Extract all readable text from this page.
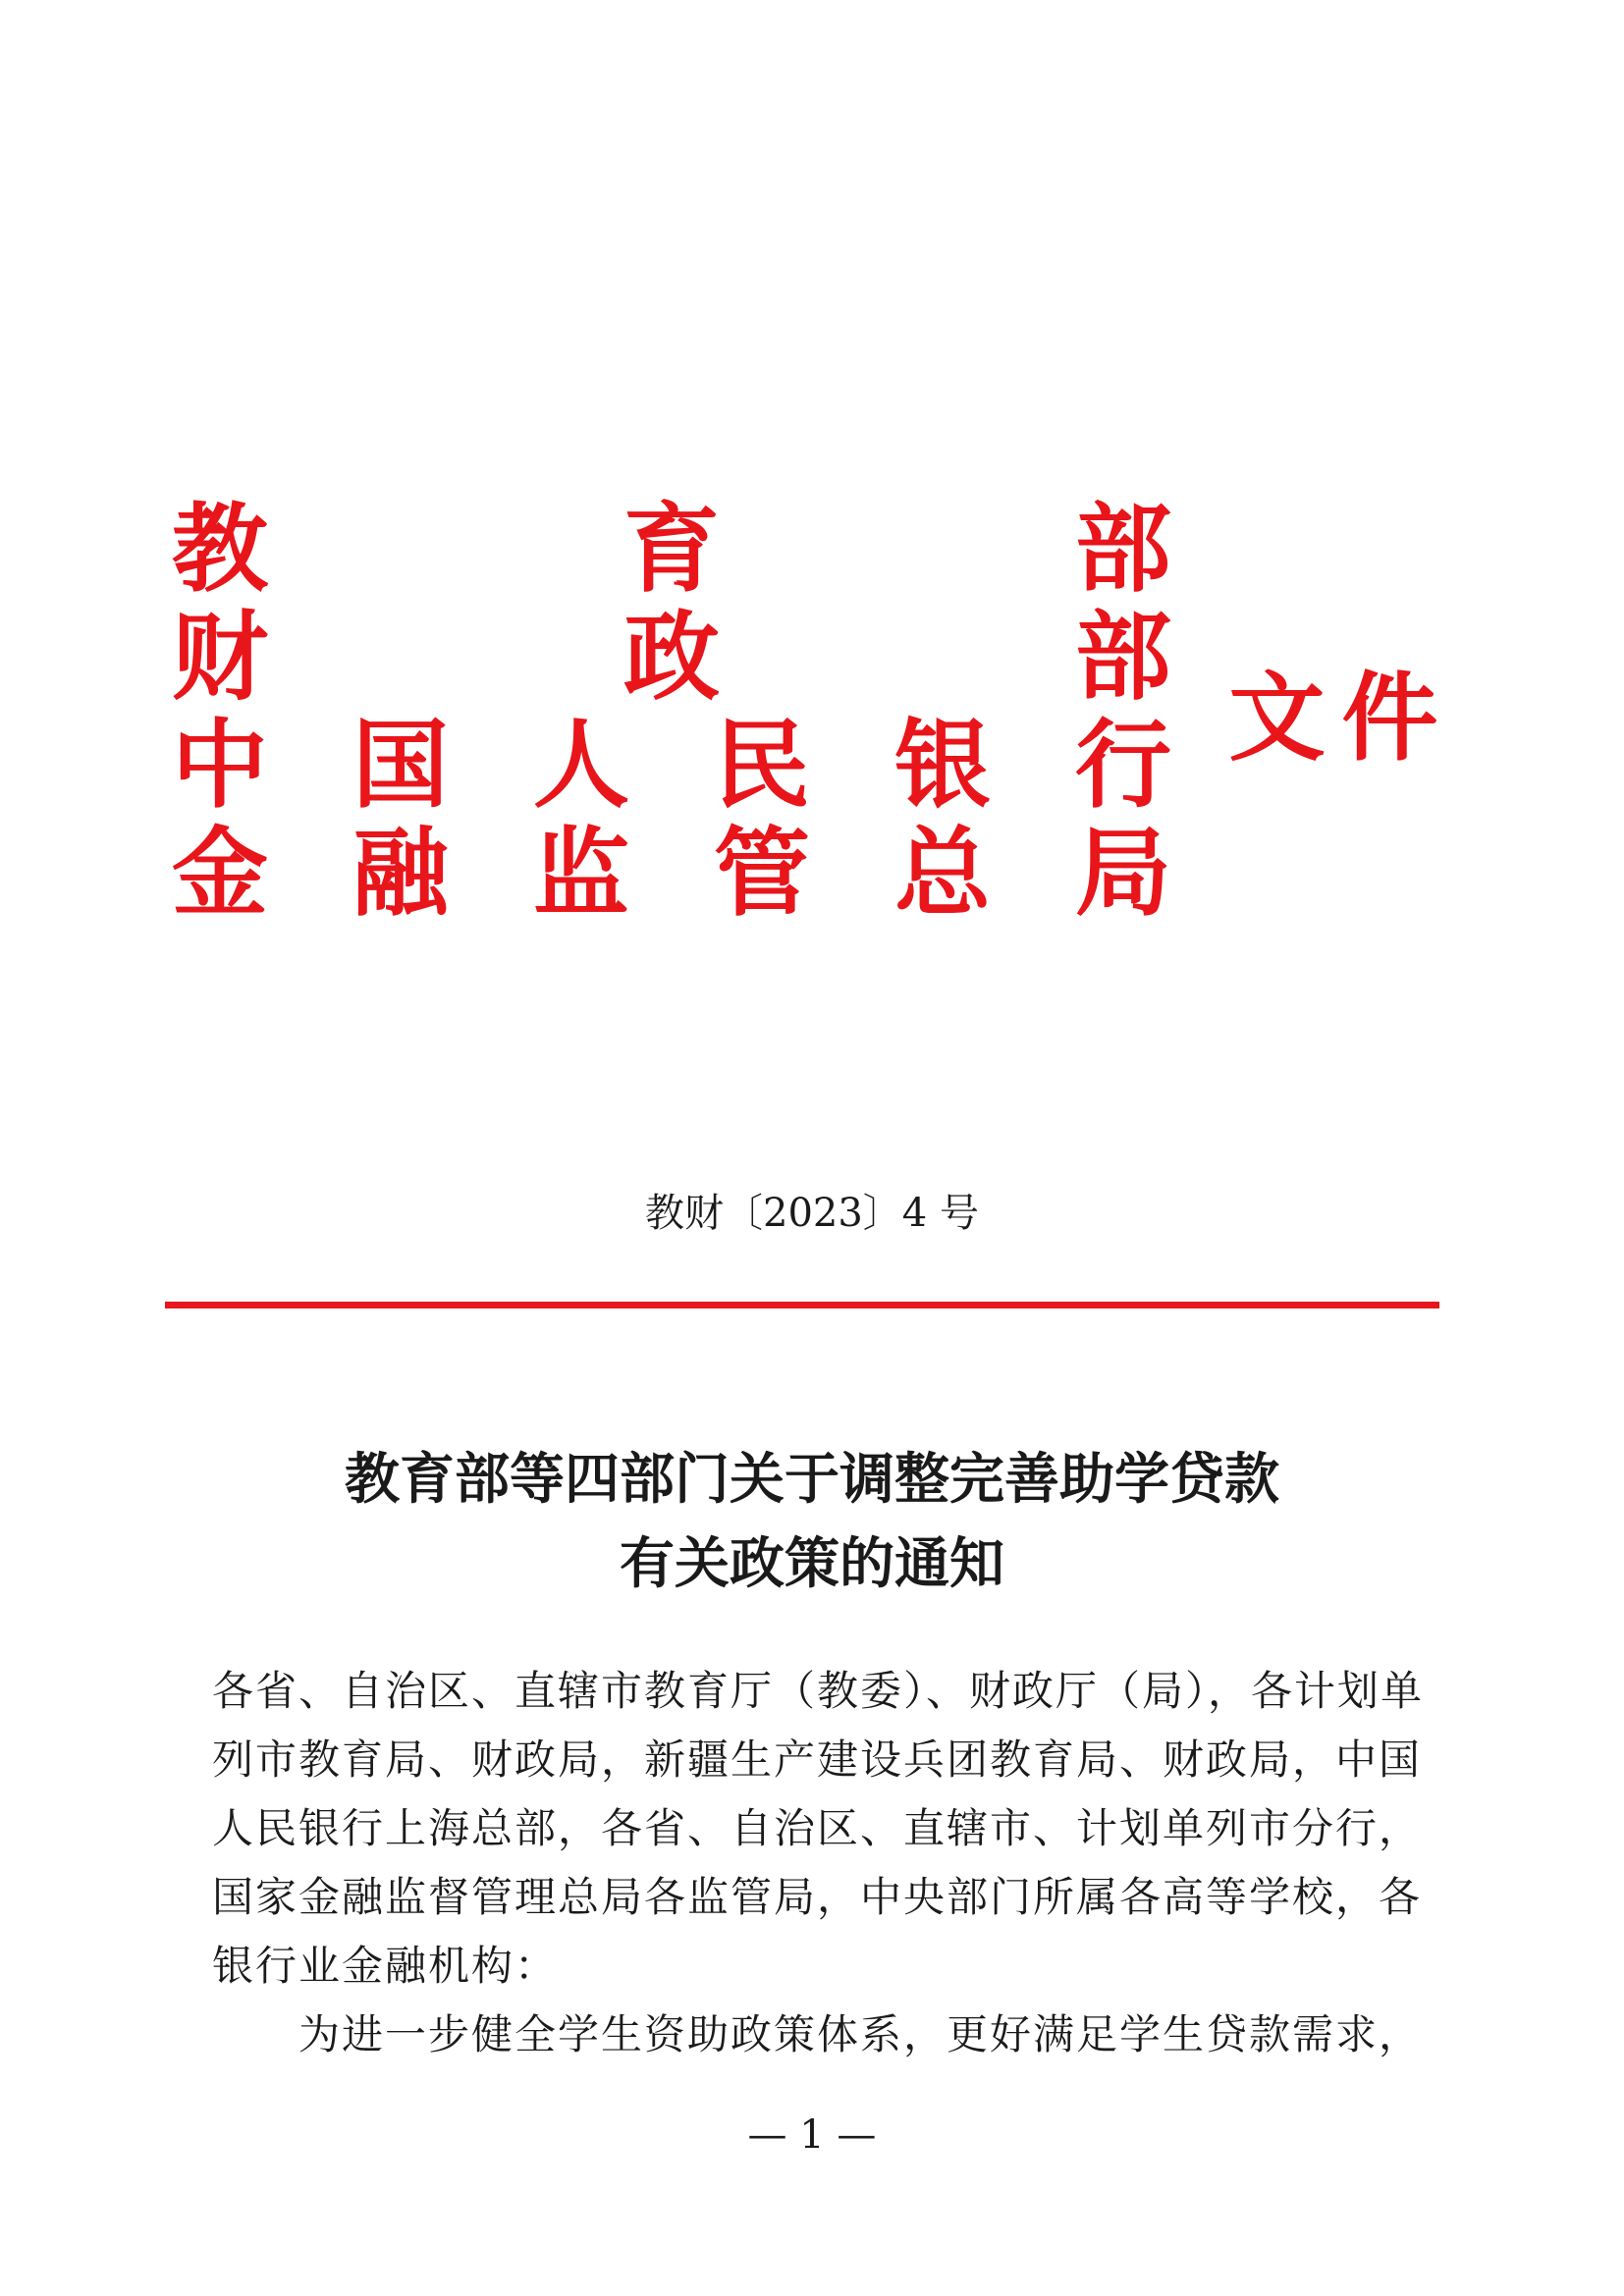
教	育	部
财	政	部
中 国 人 民 银 行
金 融 监 管 总 局
文 件
教财〔2023〕4 号
教育部等四部门关于调整完善助学贷款
有关政策的通知

各省、自治区、直辖市教育厅（教委）、财政厅（局），各计划单列市教育局、财政局，新疆生产建设兵团教育局、财政局，中国人民银行上海总部，各省、自治区、直辖市、计划单列市分行，国家金融监督管理总局各监管局，中央部门所属各高等学校，各银行业金融机构：

为进一步健全学生资助政策体系，更好满足学生贷款需求，

— 1 —
